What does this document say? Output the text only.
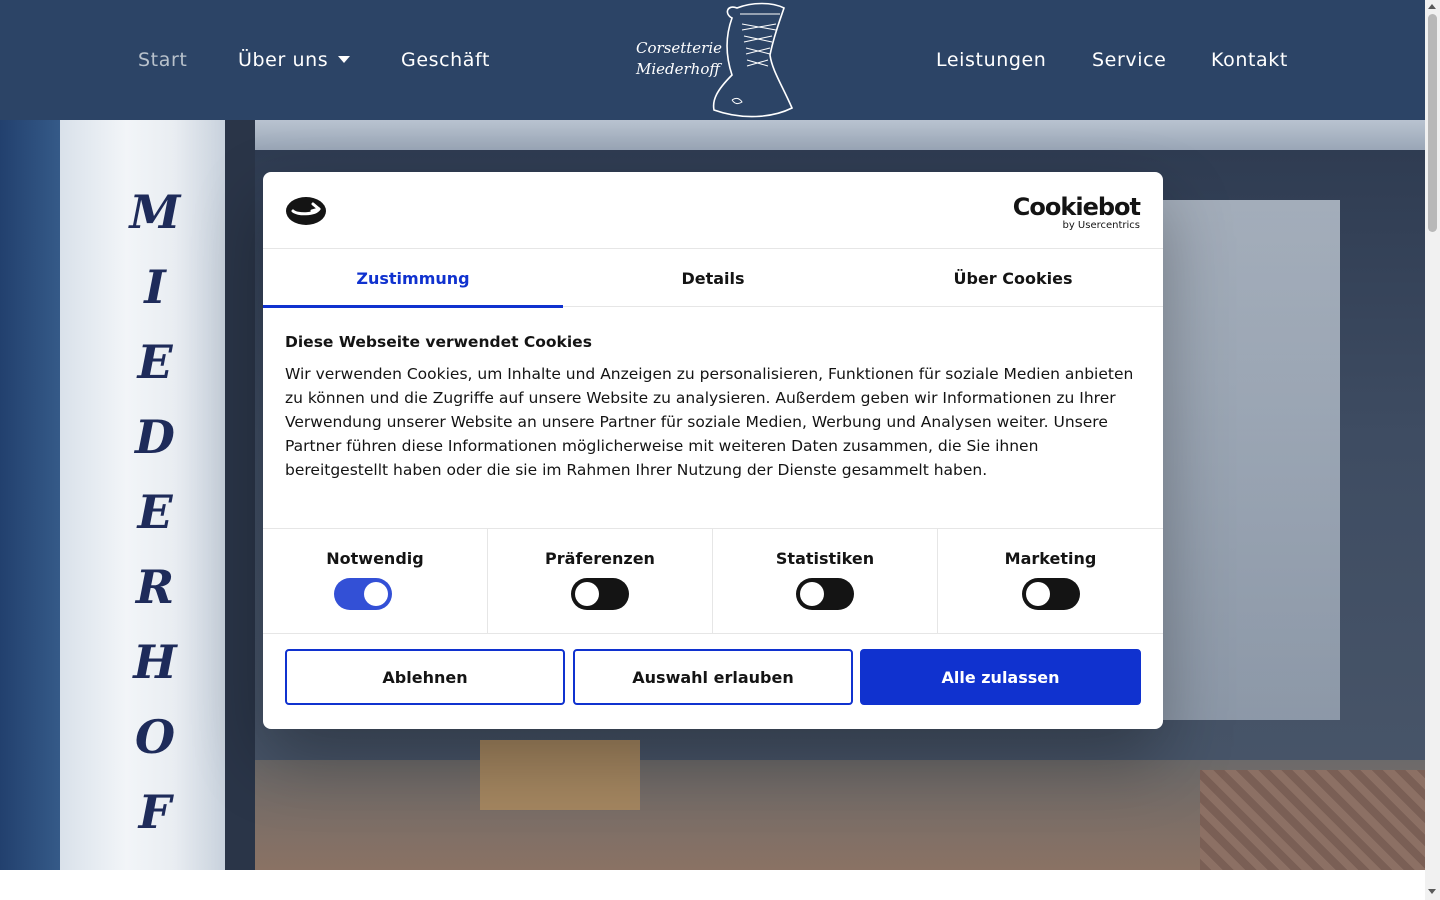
Start	Über uns	Geschäft
Corsetterie
Miederhoff	Leistungen Service Kontakt
M
I
E
D
E
R
H
O
F
Cookiebot
by Usercentrics
Zustimmung	Details	Über Cookies
Diese Webseite verwendet Cookies
Wir verwenden Cookies, um Inhalte und Anzeigen zu personalisieren, Funktionen für soziale Medien anbieten zu können und die Zugriffe auf unsere Website zu analysieren. Außerdem geben wir Informationen zu Ihrer Verwendung unserer Website an unsere Partner für soziale Medien, Werbung und Analysen weiter. Unsere Partner führen diese Informationen möglicherweise mit weiteren Daten zusammen, die Sie ihnen bereitgestellt haben oder die sie im Rahmen Ihrer Nutzung der Dienste gesammelt haben.
Notwendig	Präferenzen	Statistiken	Marketing
Ablehnen	Auswahl erlauben	Alle zulassen
